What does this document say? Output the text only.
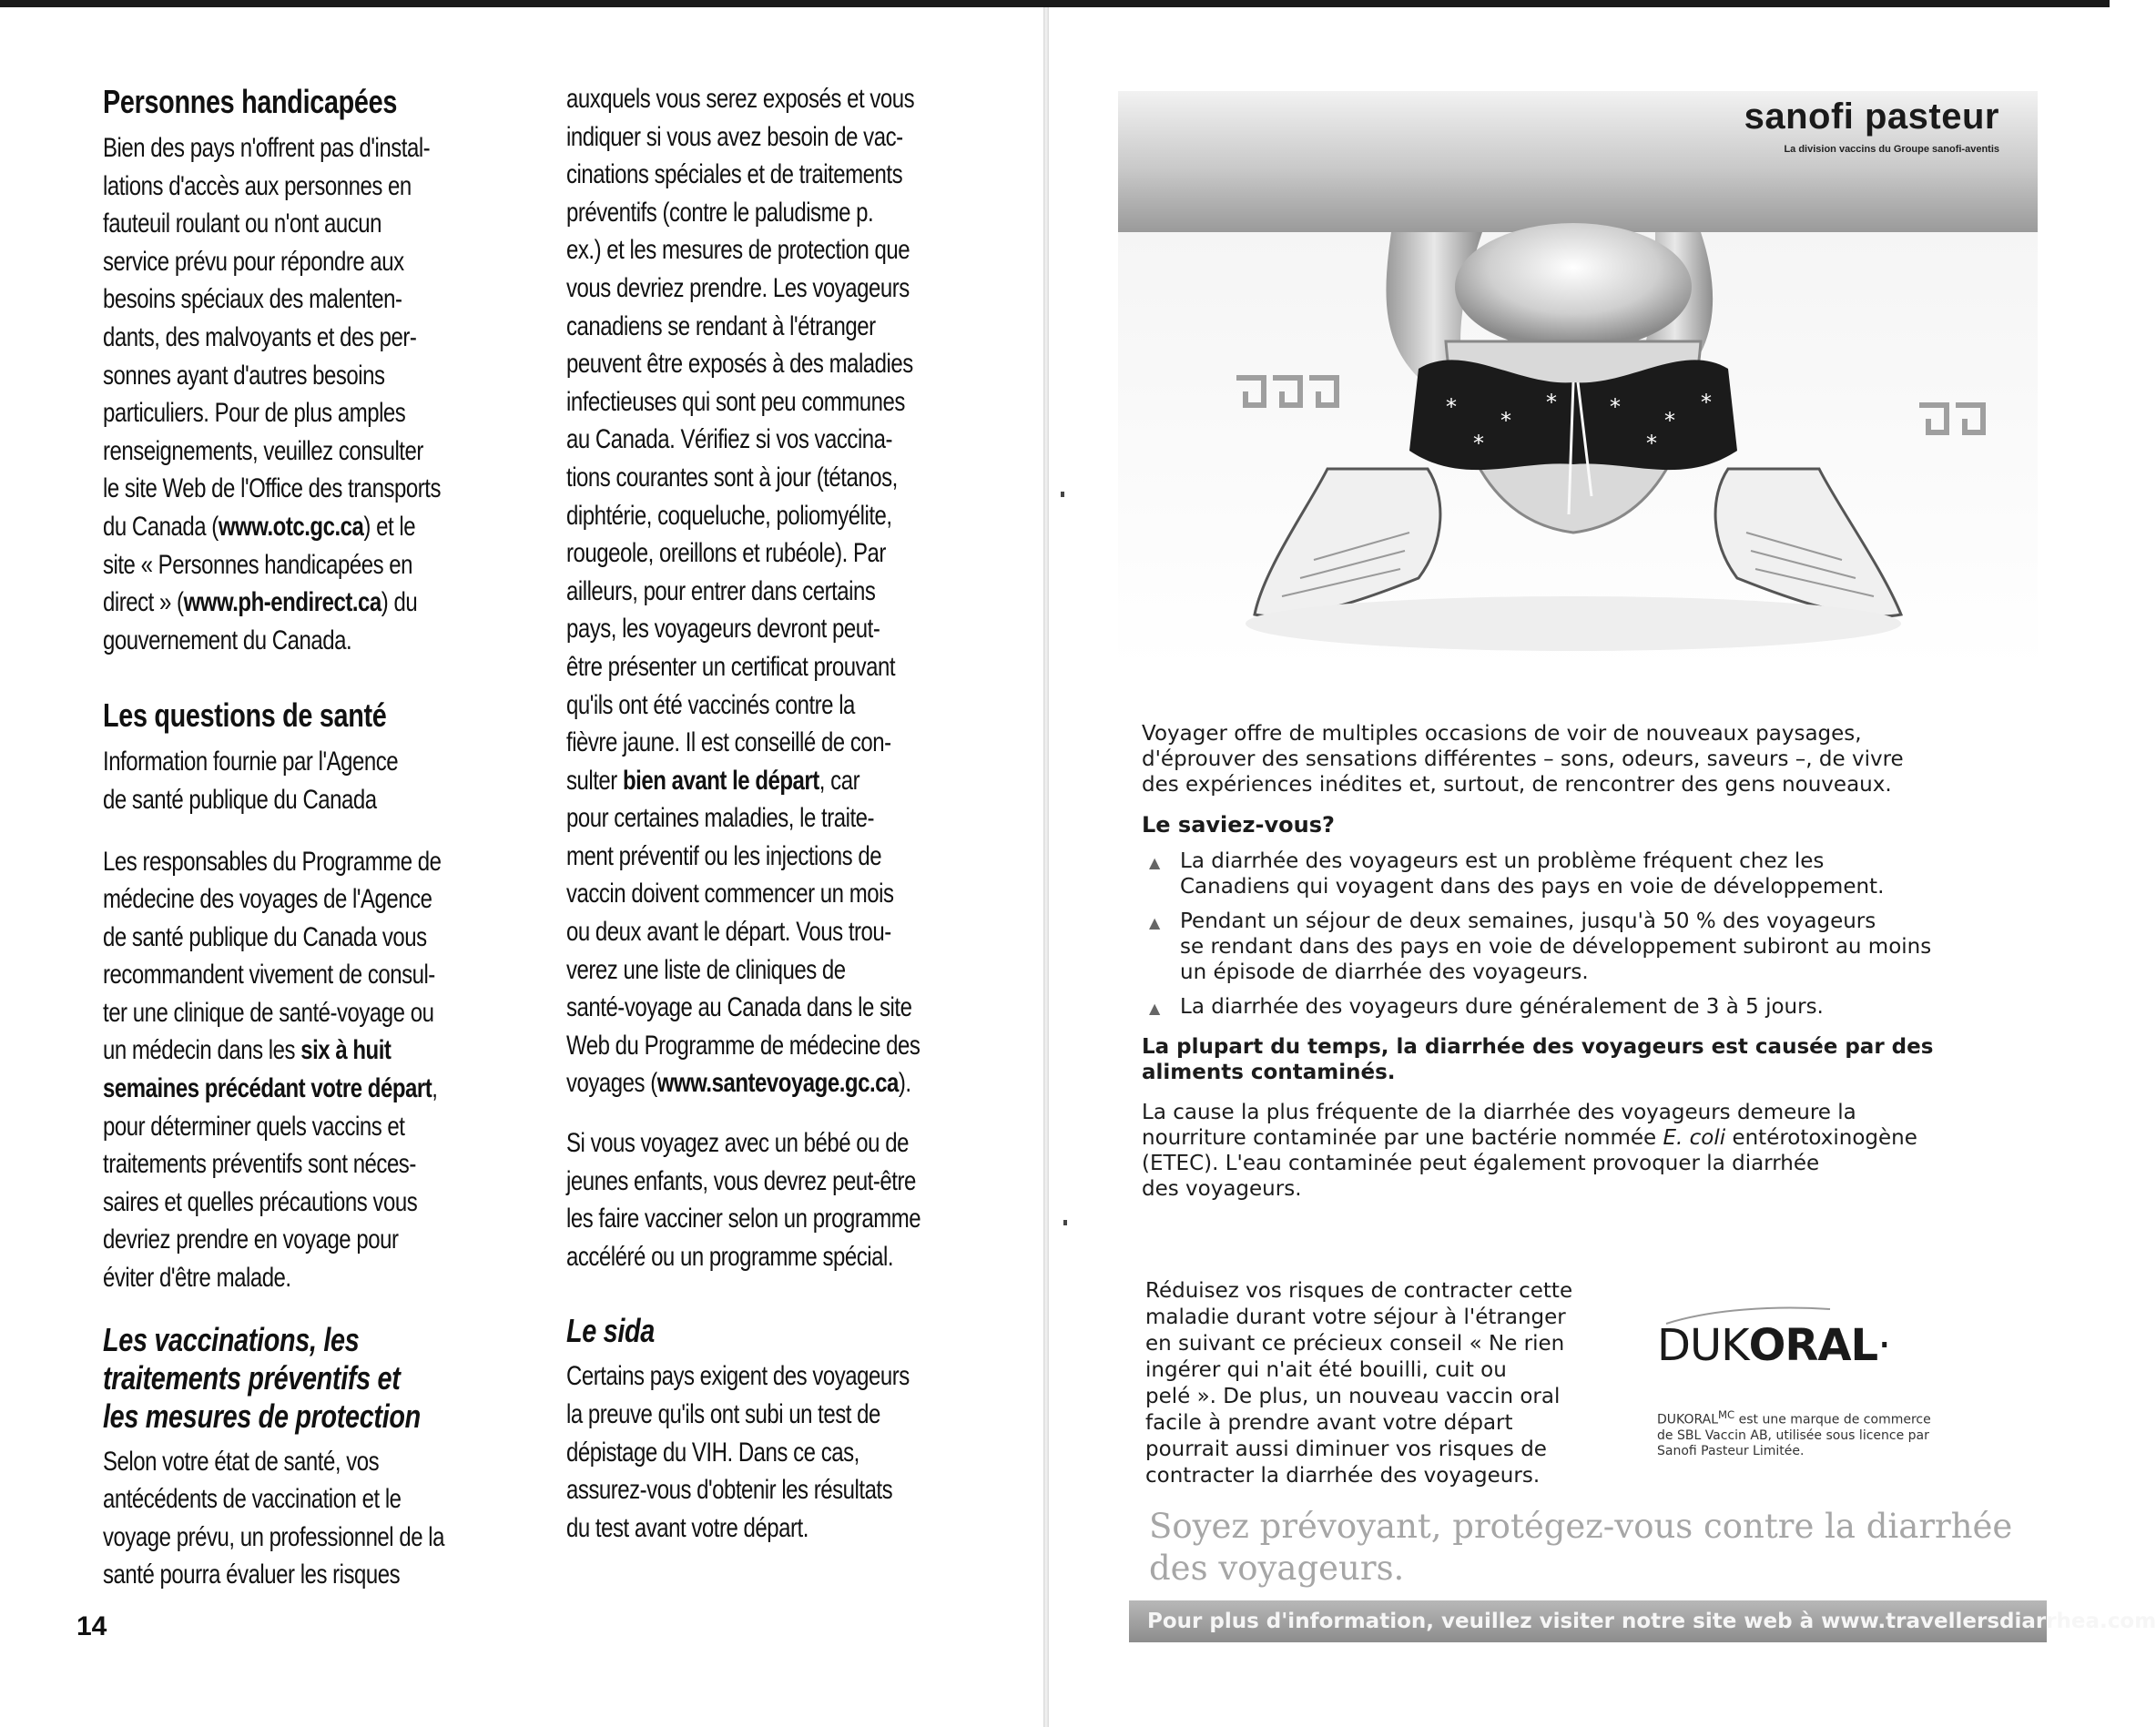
Personnes handicapées

Bien des pays n'offrent pas d'instal-
lations d'accès aux personnes en
fauteuil roulant ou n'ont aucun
service prévu pour répondre aux
besoins spéciaux des malenten-
dants, des malvoyants et des per-
sonnes ayant d'autres besoins
particuliers. Pour de plus amples
renseignements, veuillez consulter
le site Web de l'Office des transports
du Canada (www.otc.gc.ca) et le
site « Personnes handicapées en
direct » (www.ph-endirect.ca) du
gouvernement du Canada.

Les questions de santé

Information fournie par l'Agence
de santé publique du Canada

Les responsables du Programme de
médecine des voyages de l'Agence
de santé publique du Canada vous
recommandent vivement de consul-
ter une clinique de santé-voyage ou
un médecin dans les six à huit
semaines précédant votre départ,
pour déterminer quels vaccins et
traitements préventifs sont néces-
saires et quelles précautions vous
devriez prendre en voyage pour
éviter d'être malade.

Les vaccinations, les
traitements préventifs et
les mesures de protection

Selon votre état de santé, vos
antécédents de vaccination et le
voyage prévu, un professionnel de la
santé pourra évaluer les risques

auxquels vous serez exposés et vous
indiquer si vous avez besoin de vac-
cinations spéciales et de traitements
préventifs (contre le paludisme p.
ex.) et les mesures de protection que
vous devriez prendre. Les voyageurs
canadiens se rendant à l'étranger
peuvent être exposés à des maladies
infectieuses qui sont peu communes
au Canada. Vérifiez si vos vaccina-
tions courantes sont à jour (tétanos,
diphtérie, coqueluche, poliomyélite,
rougeole, oreillons et rubéole). Par
ailleurs, pour entrer dans certains
pays, les voyageurs devront peut-
être présenter un certificat prouvant
qu'ils ont été vaccinés contre la
fièvre jaune. Il est conseillé de con-
sulter bien avant le départ, car
pour certaines maladies, le traite-
ment préventif ou les injections de
vaccin doivent commencer un mois
ou deux avant le départ. Vous trou-
verez une liste de cliniques de
santé-voyage au Canada dans le site
Web du Programme de médecine des
voyages (www.santevoyage.gc.ca).

Si vous voyagez avec un bébé ou de
jeunes enfants, vous devrez peut-être
les faire vacciner selon un programme
accéléré ou un programme spécial.

Le sida

Certains pays exigent des voyageurs
la preuve qu'ils ont subi un test de
dépistage du VIH. Dans ce cas,
assurez-vous d'obtenir les résultats
du test avant votre départ.

14
sanofi pasteur
La division vaccins du Groupe sanofi-aventis
*
*
* *
*
*
*	*

Voyager offre de multiples occasions de voir de nouveaux paysages,
d'éprouver des sensations différentes – sons, odeurs, saveurs –, de vivre
des expériences inédites et, surtout, de rencontrer des gens nouveaux.

Le saviez-vous?
▲ La diarrhée des voyageurs est un problème fréquent chez les
Canadiens qui voyagent dans des pays en voie de développement.
▲ Pendant un séjour de deux semaines, jusqu'à 50 % des voyageurs
se rendant dans des pays en voie de développement subiront au moins
un épisode de diarrhée des voyageurs.
▲ La diarrhée des voyageurs dure généralement de 3 à 5 jours.

La plupart du temps, la diarrhée des voyageurs est causée par des
aliments contaminés.

La cause la plus fréquente de la diarrhée des voyageurs demeure la
nourriture contaminée par une bactérie nommée E. coli entérotoxinogène
(ETEC). L'eau contaminée peut également provoquer la diarrhée
des voyageurs.

Réduisez vos risques de contracter cette
maladie durant votre séjour à l'étranger
en suivant ce précieux conseil « Ne rien
ingérer qui n'ait été bouilli, cuit ou
pelé ». De plus, un nouveau vaccin oral
facile à prendre avant votre départ
pourrait aussi diminuer vos risques de
contracter la diarrhée des voyageurs.
DUKORAL·
$DUKORAL^{MC}$ est une marque de commerce
de SBL Vaccin AB, utilisée sous licence par
Sanofi Pasteur Limitée.
Soyez prévoyant, protégez-vous contre la diarrhée
des voyageurs.
Pour plus d'information, veuillez visiter notre site web à www.travellersdiarrhea.com
